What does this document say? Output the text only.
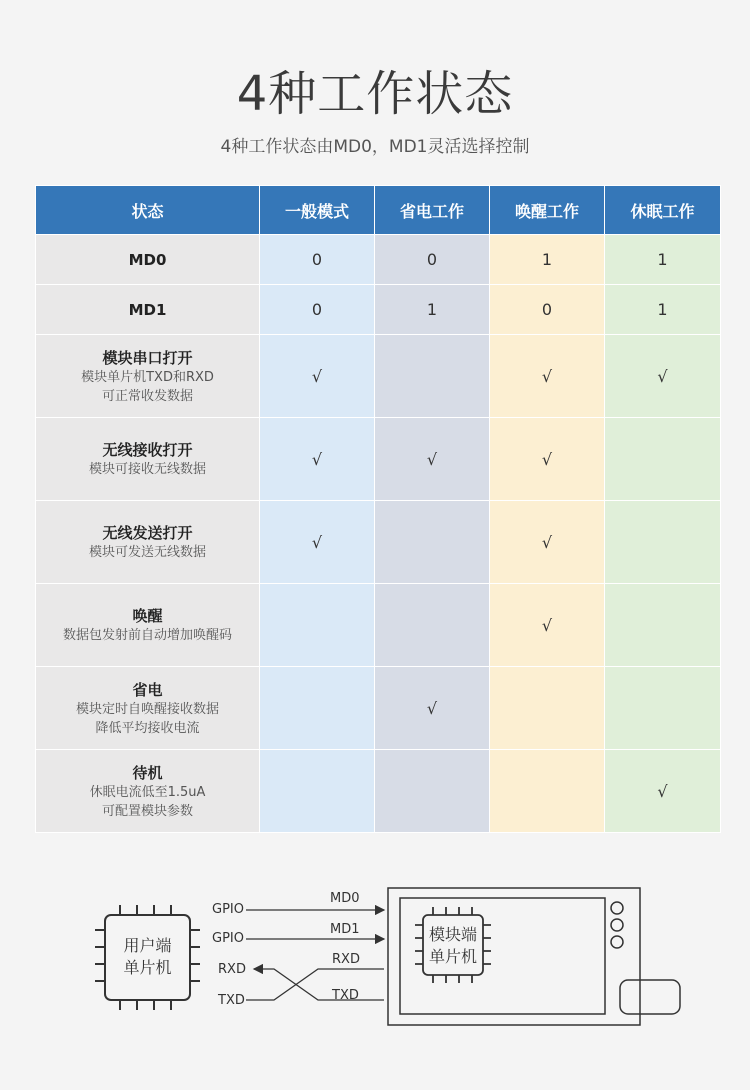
4种工作状态
4种工作状态由MD0，MD1灵活选择控制
状态	一般模式	省电工作	唤醒工作	休眠工作

MD0	0	0	1	1

MD1	0	1	0	1

模块串口打开
模块单片机TXD和RXD
可正常收发数据	√		√	√

无线接收打开
模块可接收无线数据	√	√	√	

无线发送打开
模块可发送无线数据	√		√	

唤醒
数据包发射前自动增加唤醒码			√	

省电
模块定时自唤醒接收数据
降低平均接收电流		√		

待机
休眠电流低至1.5uA
可配置模块参数				√
用户端
单片机
模块端
单片机
GPIO
GPIO
RXD
TXD
MD0
MD1
RXD
TXD
